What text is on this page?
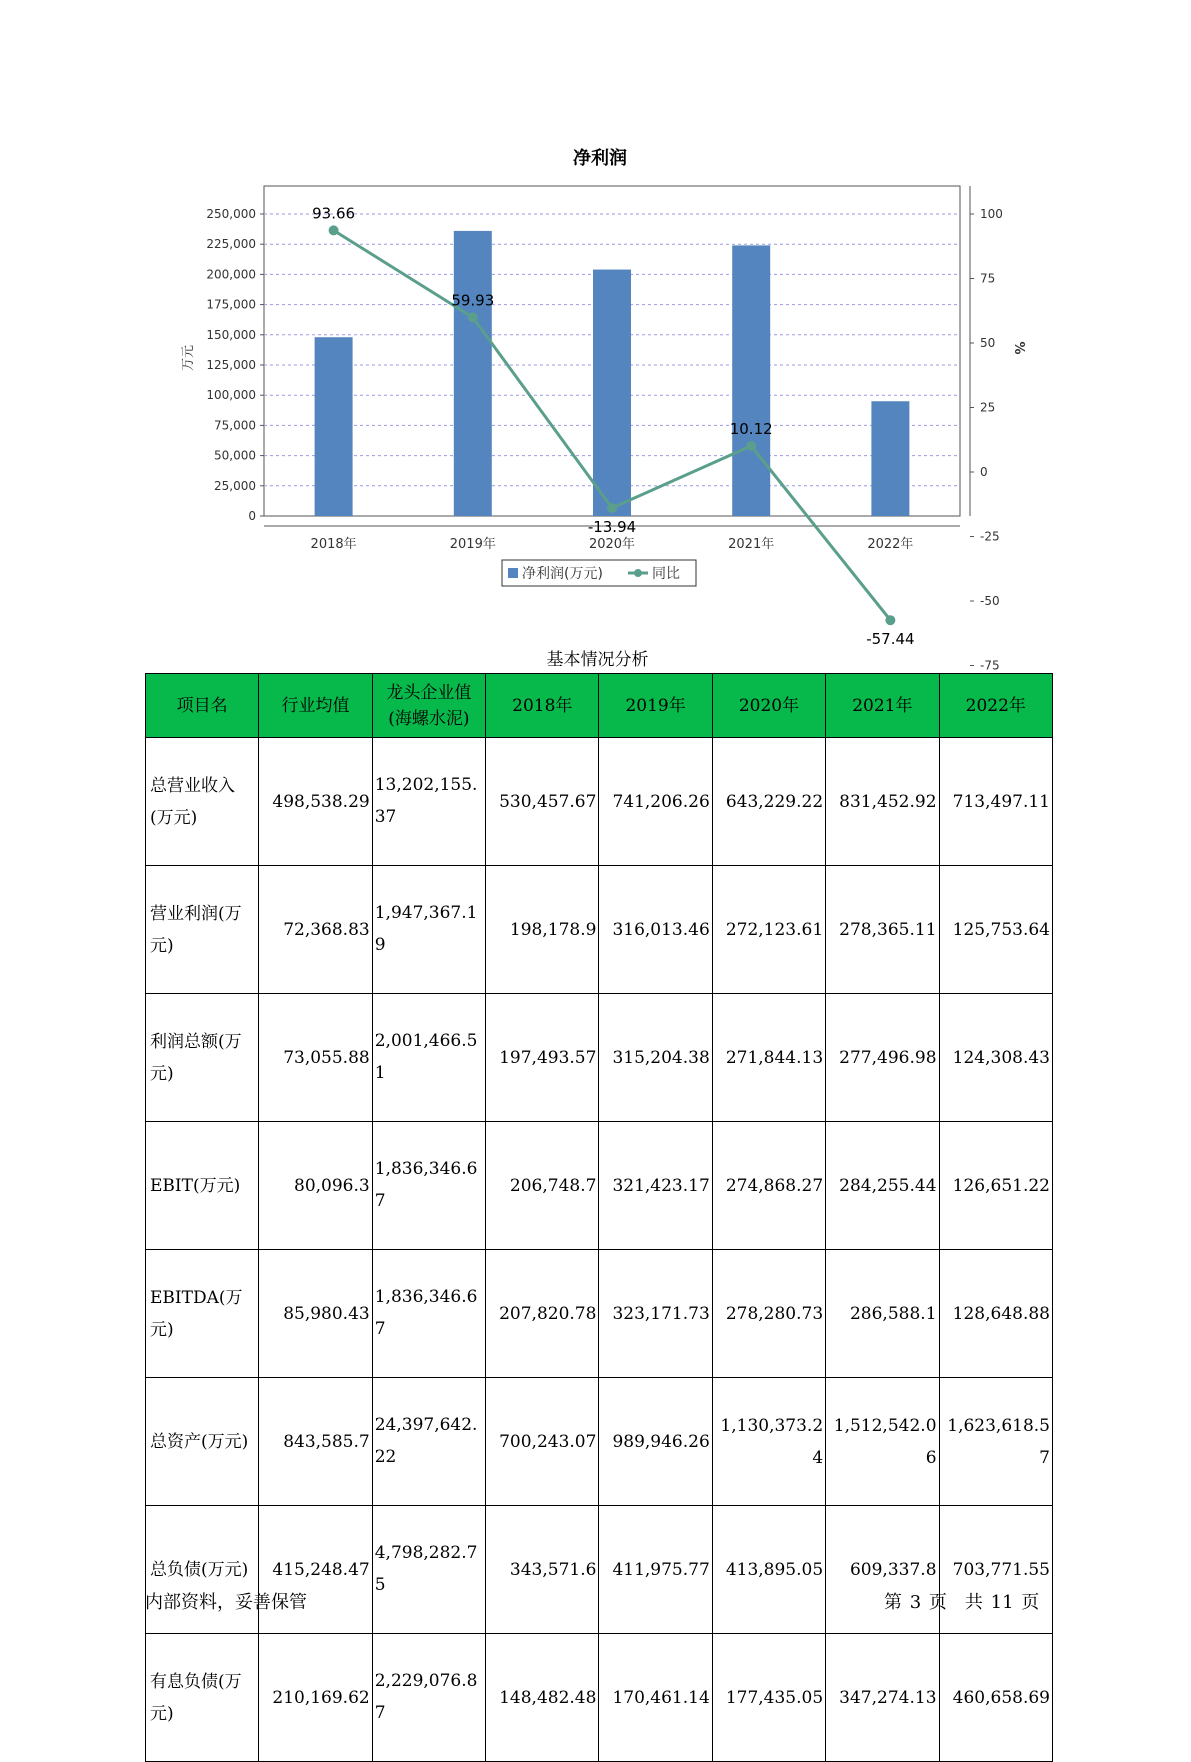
净利润
0
25,000
50,000
75,000
100,000
125,000
150,000
175,000
200,000
225,000
250,000
-75
-50
-25
0
25
50
75
100
万元	%
2018年	2019年	2020年	2021年	2022年
93.66
59.93
-13.94
10.12
-57.44
净利润(万元)	同比
基本情况分析
项目名	行业均值	龙头企业值(海螺水泥)	2018年	2019年	2020年	2021年	2022年
总营业收入(万元)	498,538.29	13,202,155.37	530,457.67	741,206.26	643,229.22	831,452.92	713,497.11
营业利润(万元)	72,368.83	1,947,367.19	198,178.9	316,013.46	272,123.61	278,365.11	125,753.64
利润总额(万元)	73,055.88	2,001,466.51	197,493.57	315,204.38	271,844.13	277,496.98	124,308.43
EBIT(万元)	80,096.3	1,836,346.67	206,748.7	321,423.17	274,868.27	284,255.44	126,651.22
EBITDA(万元)	85,980.43	1,836,346.67	207,820.78	323,171.73	278,280.73	286,588.1	128,648.88
总资产(万元)	843,585.7	24,397,642.22	700,243.07	989,946.26	1,130,373.24	1,512,542.06	1,623,618.57
总负债(万元)	415,248.47	4,798,282.75	343,571.6	411,975.77	413,895.05	609,337.8	703,771.55
有息负债(万元)	210,169.62	2,229,076.87	148,482.48	170,461.14	177,435.05	347,274.13	460,658.69
内部资料，妥善保管	第 3 页　共 11 页
